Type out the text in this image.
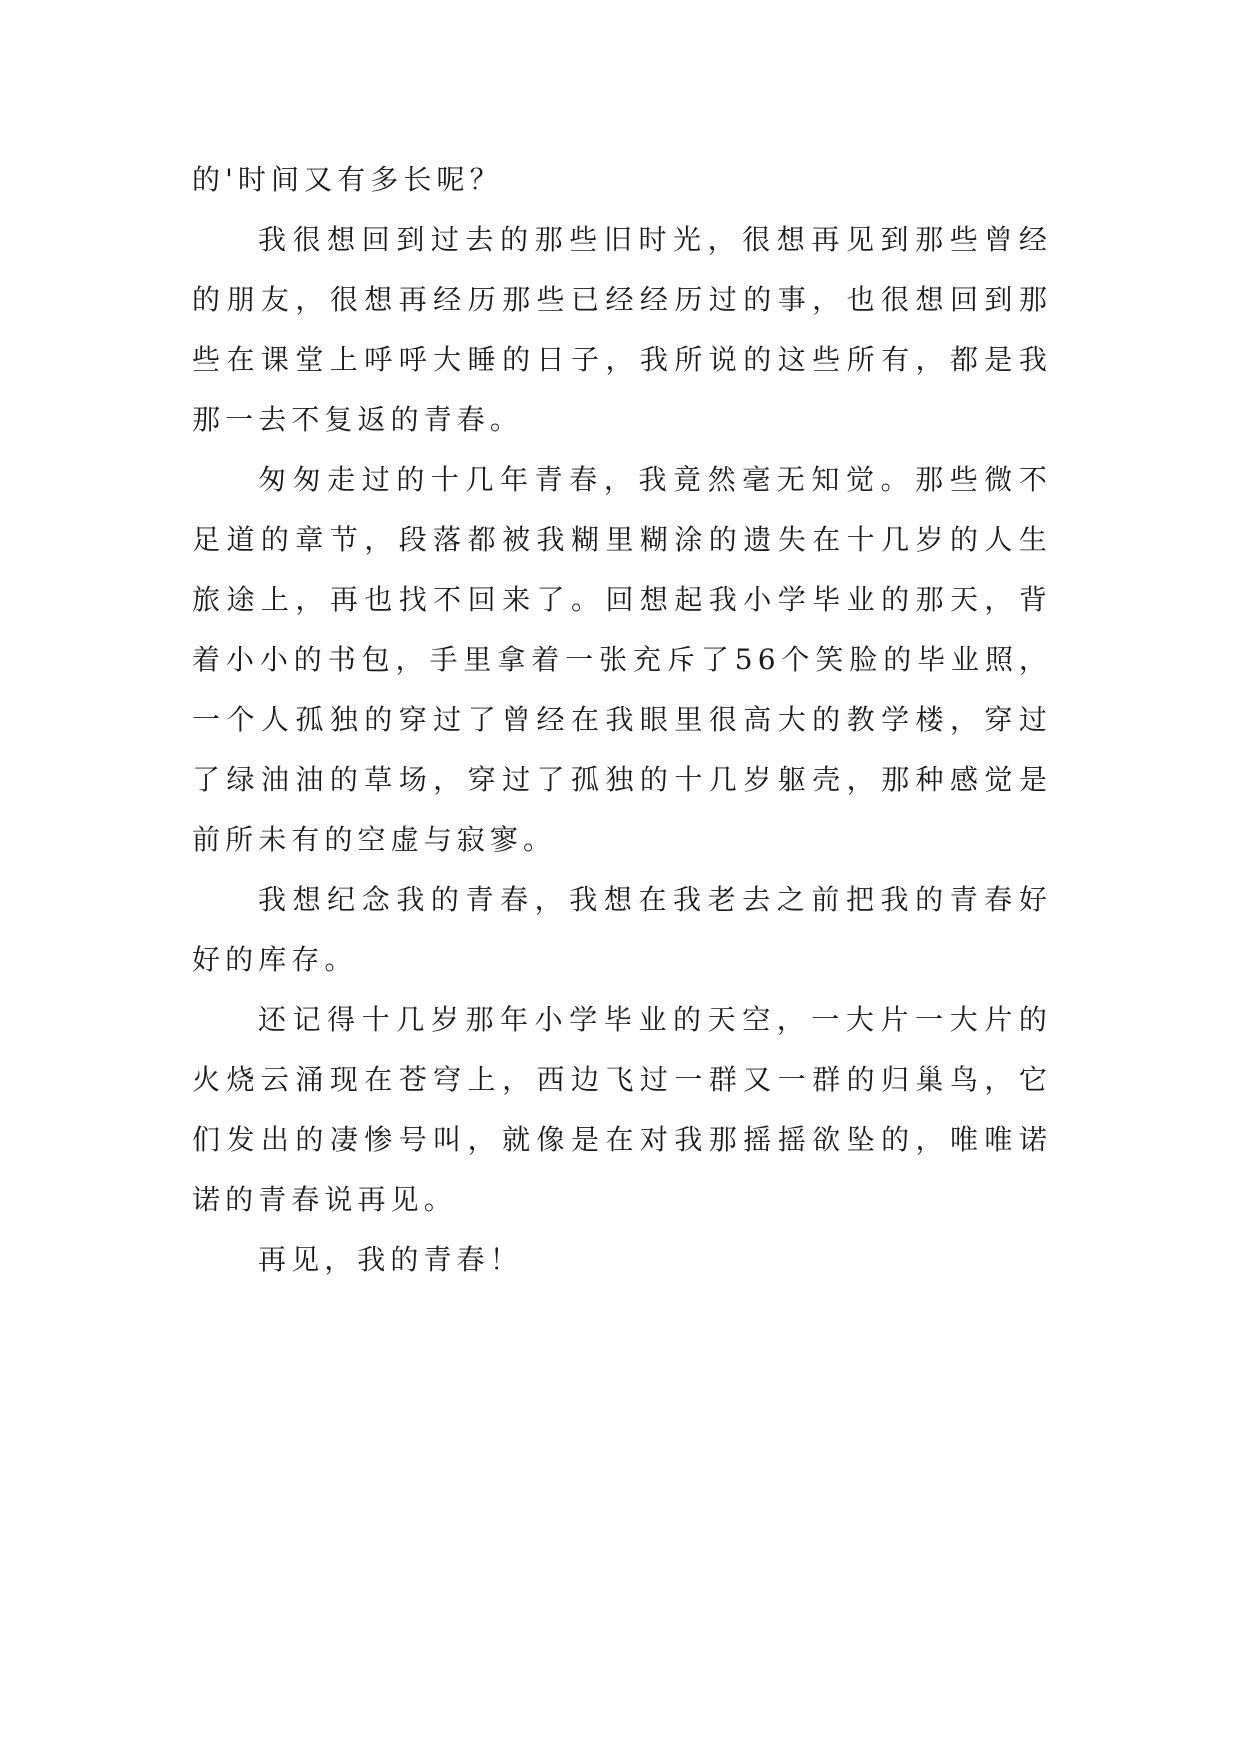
的'时间又有多长呢？

我很想回到过去的那些旧时光，很想再见到那些曾经的朋友，很想再经历那些已经经历过的事，也很想回到那些在课堂上呼呼大睡的日子，我所说的这些所有，都是我那一去不复返的青春。

匆匆走过的十几年青春，我竟然毫无知觉。那些微不足道的章节，段落都被我糊里糊涂的遗失在十几岁的人生旅途上，再也找不回来了。回想起我小学毕业的那天，背着小小的书包，手里拿着一张充斥了56个笑脸的毕业照，一个人孤独的穿过了曾经在我眼里很高大的教学楼，穿过了绿油油的草场，穿过了孤独的十几岁躯壳，那种感觉是前所未有的空虚与寂寥。

我想纪念我的青春，我想在我老去之前把我的青春好好的库存。

还记得十几岁那年小学毕业的天空，一大片一大片的火烧云涌现在苍穹上，西边飞过一群又一群的归巢鸟，它们发出的凄惨号叫，就像是在对我那摇摇欲坠的，唯唯诺诺的青春说再见。

再见，我的青春！
